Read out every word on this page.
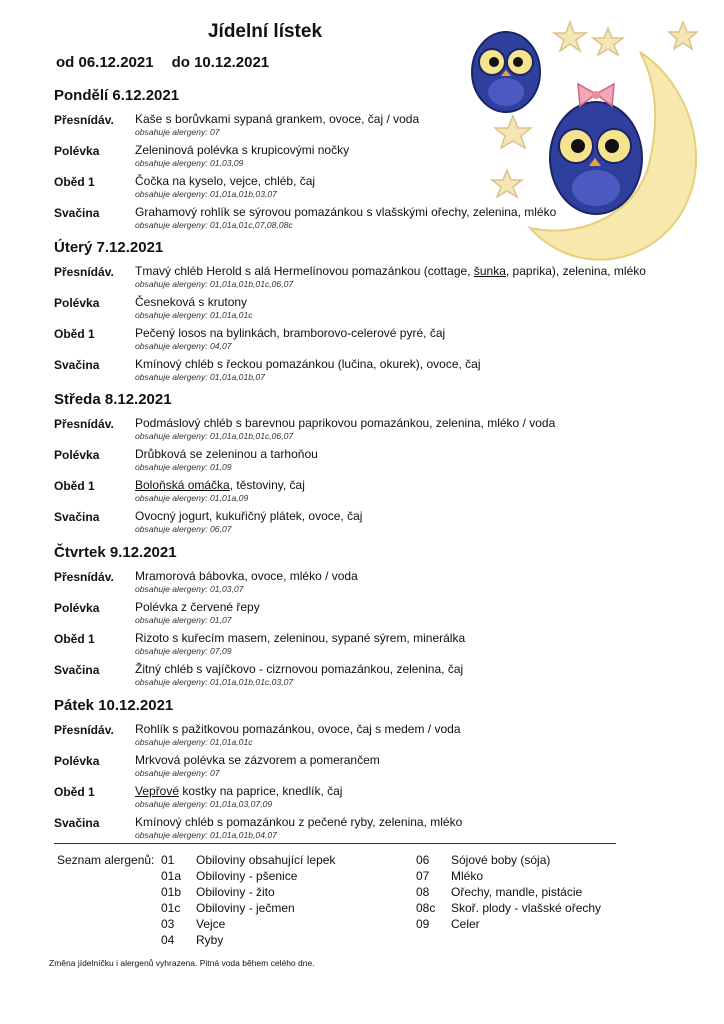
Jídelní lístek
od 06.12.2021 do 10.12.2021
Pondělí 6.12.2021
Přesnídáv. Kaše s borůvkami sypaná grankem, ovoce, čaj / voda
obsahuje alergeny: 07
Polévka	Zeleninová polévka s krupicovými nočky
obsahuje alergeny: 01,03,09
Oběd 1	Čočka na kyselo, vejce, chléb, čaj
obsahuje alergeny: 01,01a,01b,03,07
Svačina	Grahamový rohlík se sýrovou pomazánkou s vlašskými ořechy, zelenina, mléko
obsahuje alergeny: 01,01a,01c,07,08,08c
Úterý 7.12.2021
Přesnídáv. Tmavý chléb Herold s alá Hermelínovou pomazánkou (cottage, šunka, paprika), zelenina, mléko
obsahuje alergeny: 01,01a,01b,01c,06,07
Polévka	Česneková s krutony
obsahuje alergeny: 01,01a,01c
Oběd 1	Pečený losos na bylinkách, bramborovo-celerové pyré, čaj
obsahuje alergeny: 04,07
Svačina	Kmínový chléb s řeckou pomazánkou (lučina, okurek), ovoce, čaj
obsahuje alergeny: 01,01a,01b,07
Středa 8.12.2021
Přesnídáv. Podmáslový chléb s barevnou paprikovou pomazánkou, zelenina, mléko / voda
obsahuje alergeny: 01,01a,01b,01c,06,07
Polévka	Drůbková se zeleninou a tarhoňou
obsahuje alergeny: 01,09
Oběd 1	Boloňská omáčka, těstoviny, čaj
obsahuje alergeny: 01,01a,09
Svačina	Ovocný jogurt, kukuřičný plátek, ovoce, čaj
obsahuje alergeny: 06,07
Čtvrtek 9.12.2021
Přesnídáv. Mramorová bábovka, ovoce, mléko / voda
obsahuje alergeny: 01,03,07
Polévka	Polévka z červené řepy
obsahuje alergeny: 01,07
Oběd 1	Rizoto s kuřecím masem, zeleninou, sypané sýrem, minerálka
obsahuje alergeny: 07,09
Svačina	Žitný chléb s vajíčkovo - cizrnovou pomazánkou, zelenina, čaj
obsahuje alergeny: 01,01a,01b,01c,03,07
Pátek 10.12.2021
Přesnídáv. Rohlík s pažitkovou pomazánkou, ovoce, čaj s medem / voda
obsahuje alergeny: 01,01a,01c
Polévka	Mrkvová polévka se zázvorem a pomerančem
obsahuje alergeny: 07
Oběd 1	Vepřové kostky na paprice, knedlík, čaj
obsahuje alergeny: 01,01a,03,07,09
Svačina	Kmínový chléb s pomazánkou z pečené ryby, zelenina, mléko
obsahuje alergeny: 01,01a,01b,04,07
Seznam alergenů: 01 Obiloviny obsahující lepek
01a Obiloviny - pšenice
01b Obiloviny - žito
01c Obiloviny - ječmen
03 Vejce
04 Ryby
06 Sójové boby (sója)
07 Mléko
08 Ořechy, mandle, pistácie
08c Skoř. plody - vlašské ořechy
09 Celer
Změna jídelníčku i alergenů vyhrazena. Pitná voda během celého dne.
